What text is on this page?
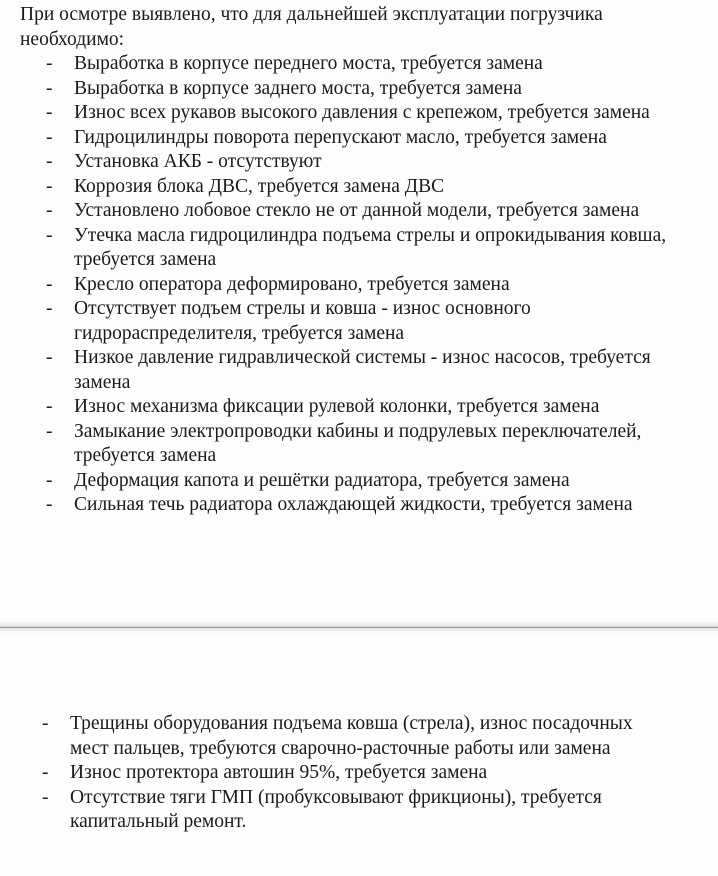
При осмотре выявлено, что для дальнейшей эксплуатации погрузчика необходимо:

- Выработка в корпусе переднего моста, требуется замена
- Выработка в корпусе заднего моста, требуется замена
- Износ всех рукавов высокого давления с крепежом, требуется замена
- Гидроцилиндры поворота перепускают масло, требуется замена
- Установка АКБ - отсутствуют
- Коррозия блока ДВС, требуется замена ДВС
- Установлено лобовое стекло не от данной модели, требуется замена
- Утечка масла гидроцилиндра подъема стрелы и опрокидывания ковша, требуется замена
- Кресло оператора деформировано, требуется замена
- Отсутствует подъем стрелы и ковша - износ основного гидрораспределителя, требуется замена
- Низкое давление гидравлической системы - износ насосов, требуется замена
- Износ механизма фиксации рулевой колонки, требуется замена
- Замыкание электропроводки кабины и подрулевых переключателей, требуется замена
- Деформация капота и решётки радиатора, требуется замена
- Сильная течь радиатора охлаждающей жидкости, требуется замена
- Трещины оборудования подъема ковша (стрела), износ посадочных мест пальцев, требуются сварочно-расточные работы или замена
- Износ протектора автошин 95%, требуется замена
- Отсутствие тяги ГМП (пробуксовывают фрикционы), требуется капитальный ремонт.
